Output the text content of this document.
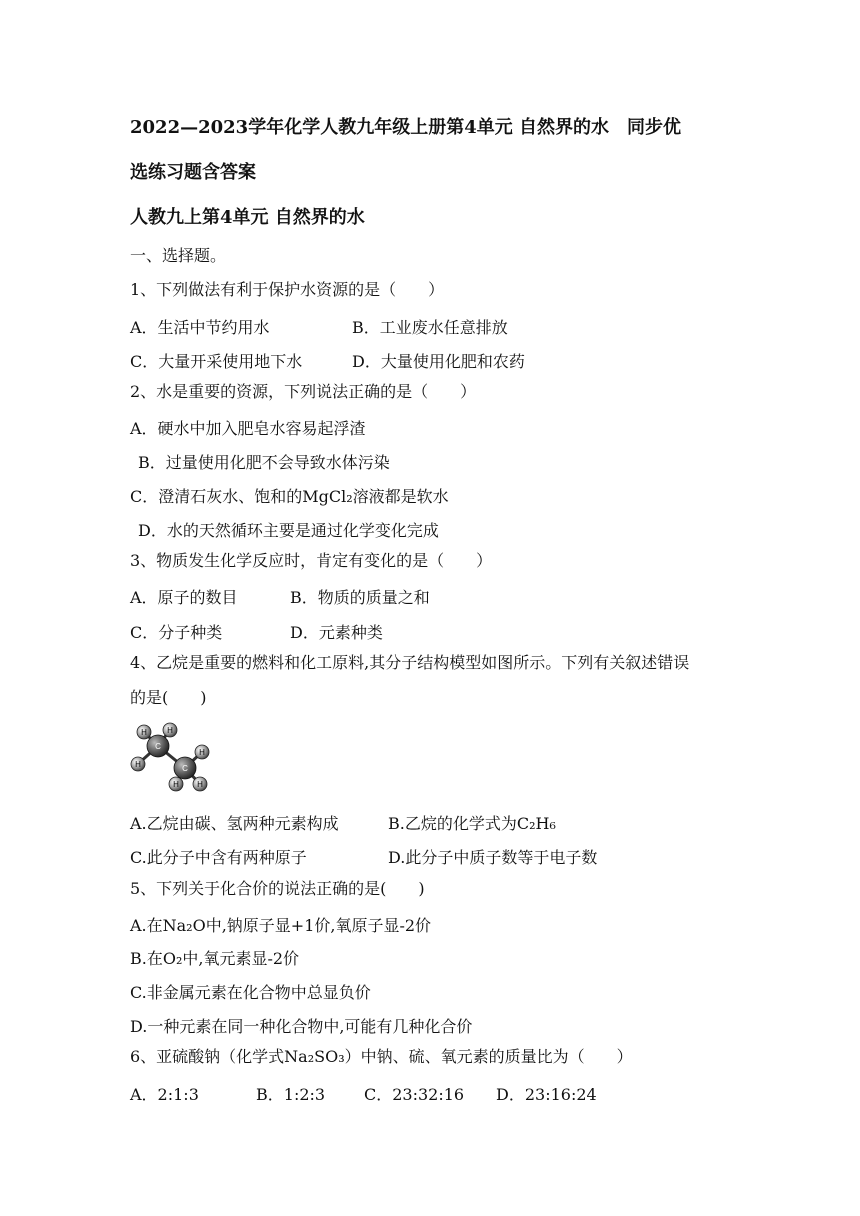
2022—2023学年化学人教九年级上册第4单元 自然界的水　同步优
选练习题含答案
人教九上第4单元 自然界的水
一、选择题。
1、下列做法有利于保护水资源的是（　　）
A．生活中节约用水	B．工业废水任意排放
C．大量开采使用地下水	D．大量使用化肥和农药
2、水是重要的资源，下列说法正确的是（　　）
A．硬水中加入肥皂水容易起浮渣
B．过量使用化肥不会导致水体污染
C．澄清石灰水、饱和的MgCl₂溶液都是软水
D．水的天然循环主要是通过化学变化完成
3、物质发生化学反应时，肯定有变化的是（　　）
A．原子的数目	B．物质的质量之和
C．分子种类	D．元素种类
4、乙烷是重要的燃料和化工原料,其分子结构模型如图所示。下列有关叙述错误
的是(　　)
H	H
H
H
H
H
C
C
A.乙烷由碳、氢两种元素构成	B.乙烷的化学式为C₂H₆
C.此分子中含有两种原子	D.此分子中质子数等于电子数
5、下列关于化合价的说法正确的是(　　)
A.在Na₂O中,钠原子显+1价,氧原子显-2价
B.在O₂中,氧元素显-2价
C.非金属元素在化合物中总显负价
D.一种元素在同一种化合物中,可能有几种化合价
6、亚硫酸钠（化学式Na₂SO₃）中钠、硫、氧元素的质量比为（　　）
A．2:1:3	B．1:2:3 C．23:32:16 D．23:16:24
